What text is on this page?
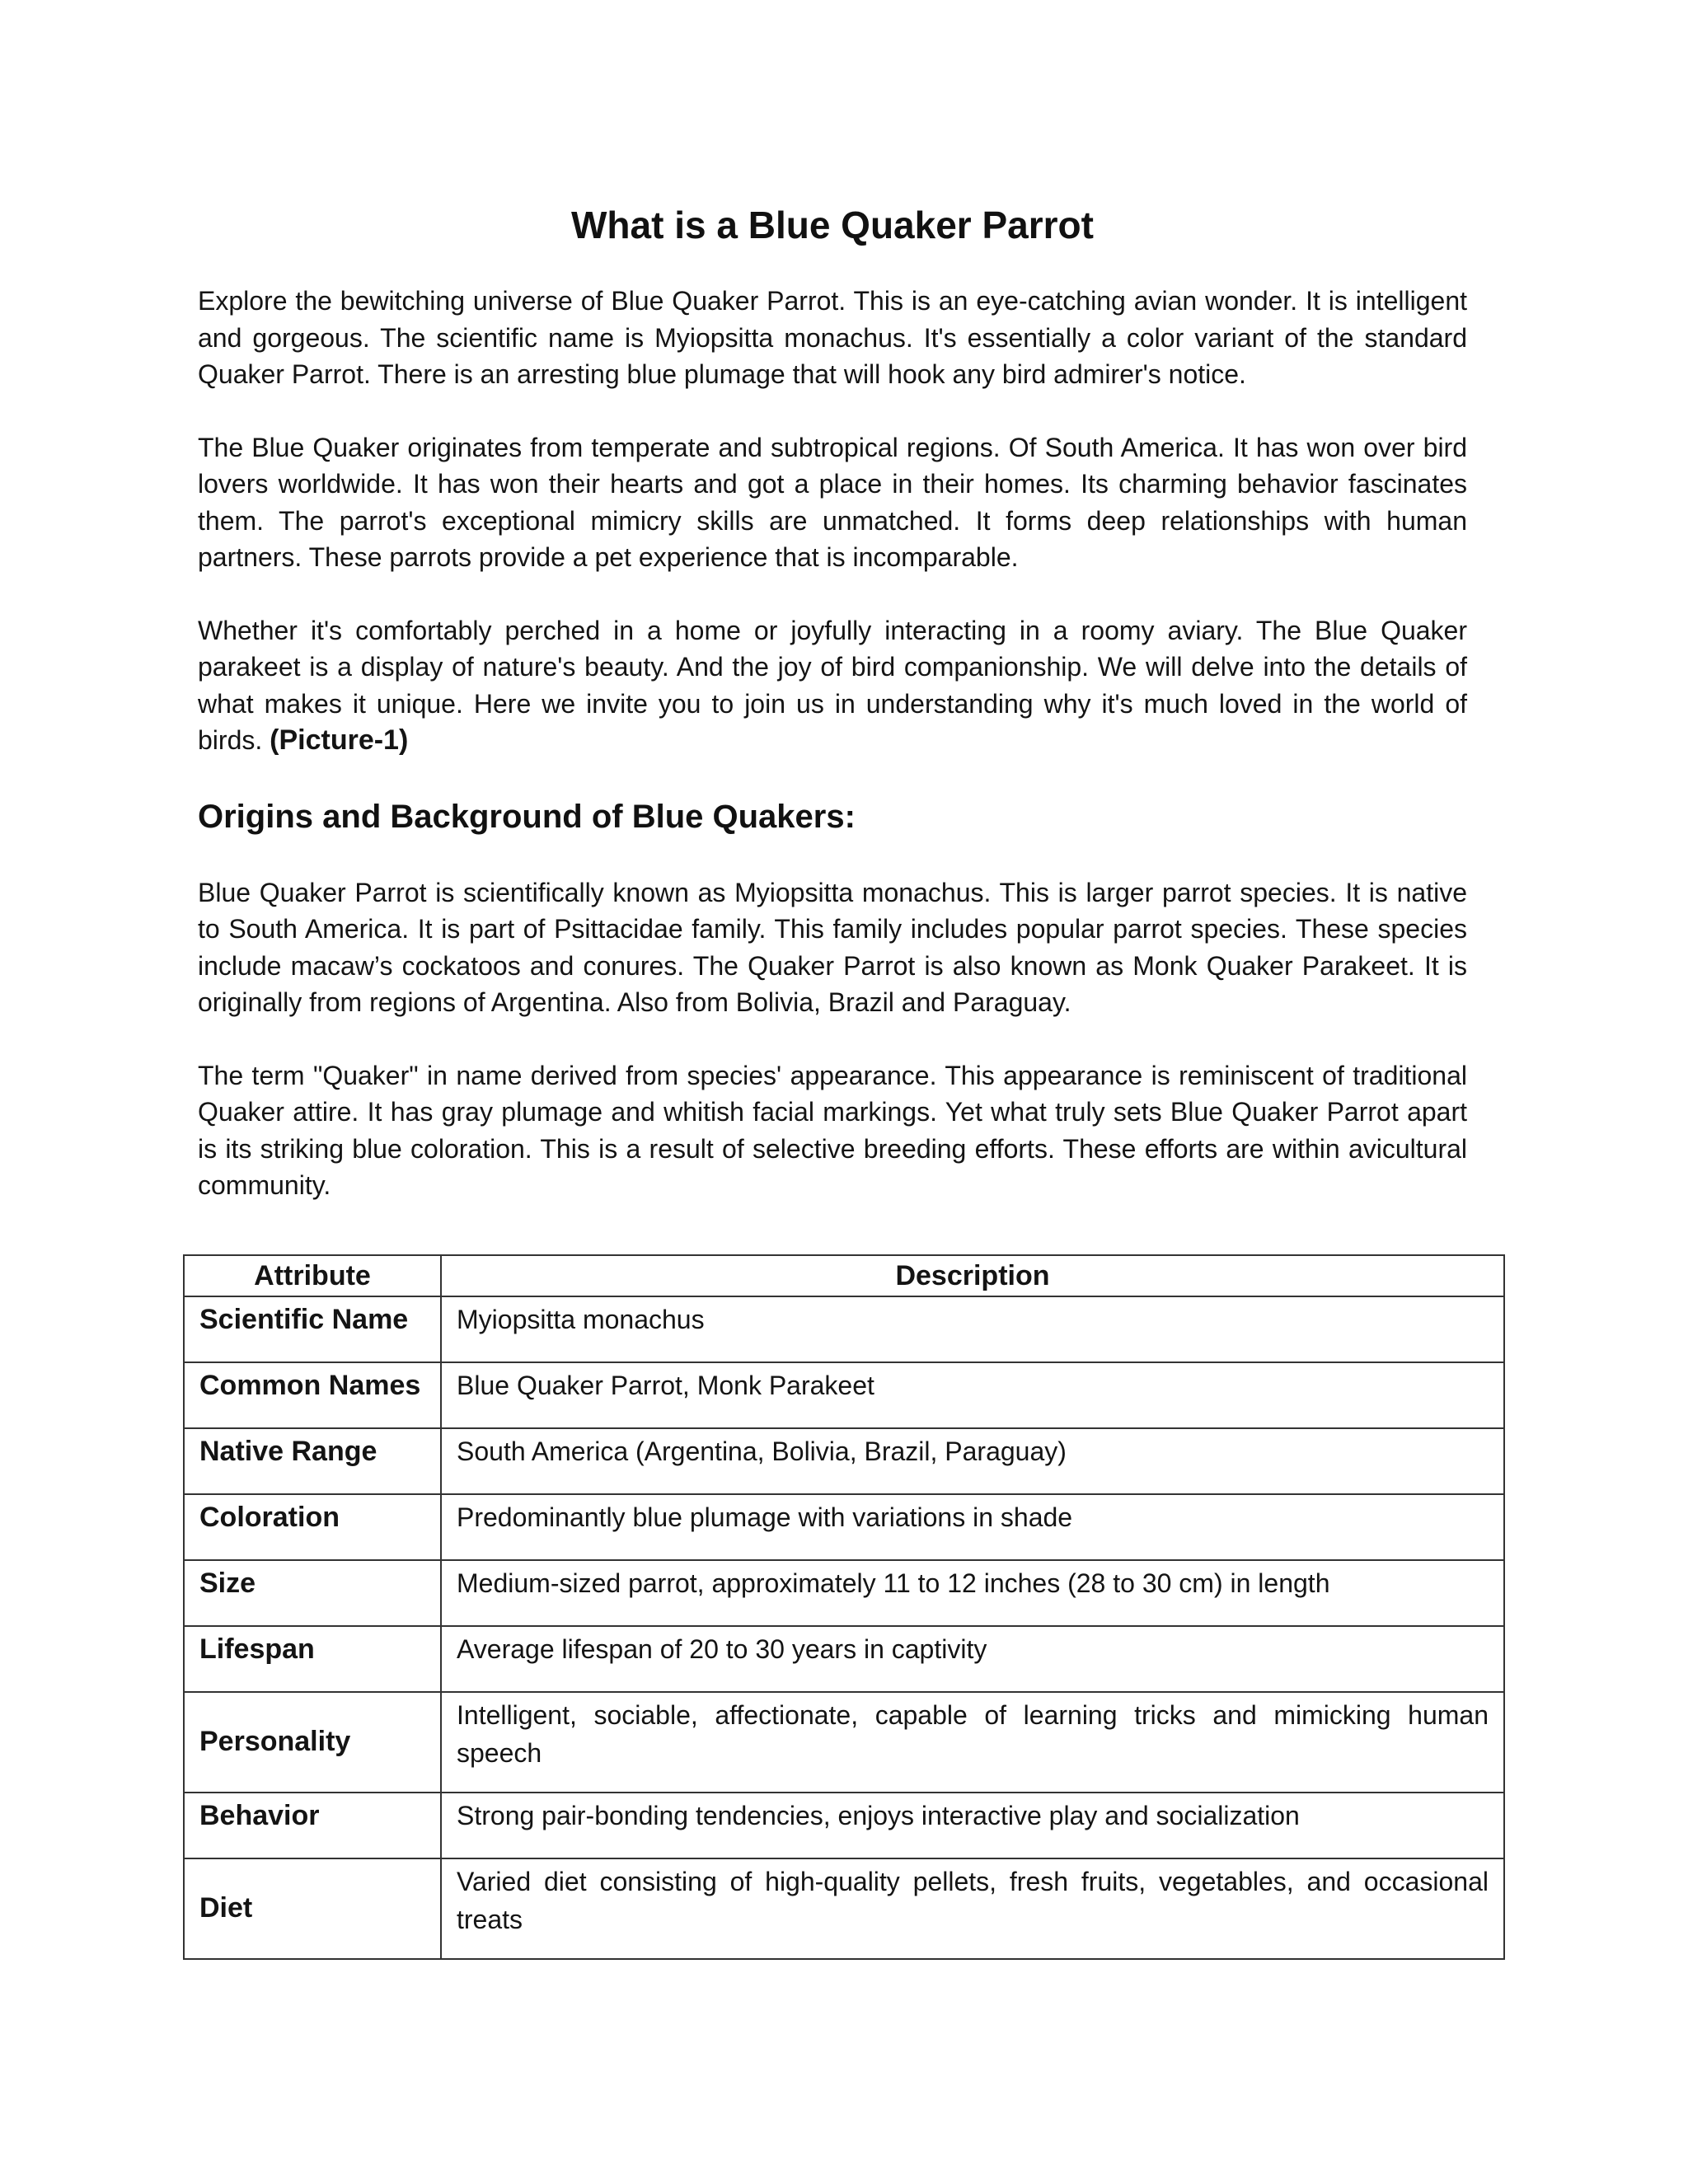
What is a Blue Quaker Parrot

Explore the bewitching universe of Blue Quaker Parrot. This is an eye-catching avian wonder. It is intelligent and gorgeous. The scientific name is Myiopsitta monachus. It's essentially a color variant of the standard Quaker Parrot. There is an arresting blue plumage that will hook any bird admirer's notice.

The Blue Quaker originates from temperate and subtropical regions. Of South America. It has won over bird lovers worldwide. It has won their hearts and got a place in their homes. Its charming behavior fascinates them. The parrot's exceptional mimicry skills are unmatched. It forms deep relationships with human partners. These parrots provide a pet experience that is incomparable.

Whether it's comfortably perched in a home or joyfully interacting in a roomy aviary. The Blue Quaker parakeet is a display of nature's beauty. And the joy of bird companionship. We will delve into the details of what makes it unique. Here we invite you to join us in understanding why it's much loved in the world of birds. (Picture-1)

Origins and Background of Blue Quakers:

Blue Quaker Parrot is scientifically known as Myiopsitta monachus. This is larger parrot species. It is native to South America. It is part of Psittacidae family. This family includes popular parrot species. These species include macaw’s cockatoos and conures. The Quaker Parrot is also known as Monk Quaker Parakeet. It is originally from regions of Argentina. Also from Bolivia, Brazil and Paraguay.

The term "Quaker" in name derived from species' appearance. This appearance is reminiscent of traditional Quaker attire. It has gray plumage and whitish facial markings. Yet what truly sets Blue Quaker Parrot apart is its striking blue coloration. This is a result of selective breeding efforts. These efforts are within avicultural community.

Attribute	Description
Scientific Name	Myiopsitta monachus
Common Names	Blue Quaker Parrot, Monk Parakeet
Native Range	South America (Argentina, Bolivia, Brazil, Paraguay)
Coloration	Predominantly blue plumage with variations in shade
Size	Medium-sized parrot, approximately 11 to 12 inches (28 to 30 cm) in length
Lifespan	Average lifespan of 20 to 30 years in captivity
Personality	Intelligent, sociable, affectionate, capable of learning tricks and mimicking human speech
Behavior	Strong pair-bonding tendencies, enjoys interactive play and socialization
Diet	Varied diet consisting of high-quality pellets, fresh fruits, vegetables, and occasional treats
